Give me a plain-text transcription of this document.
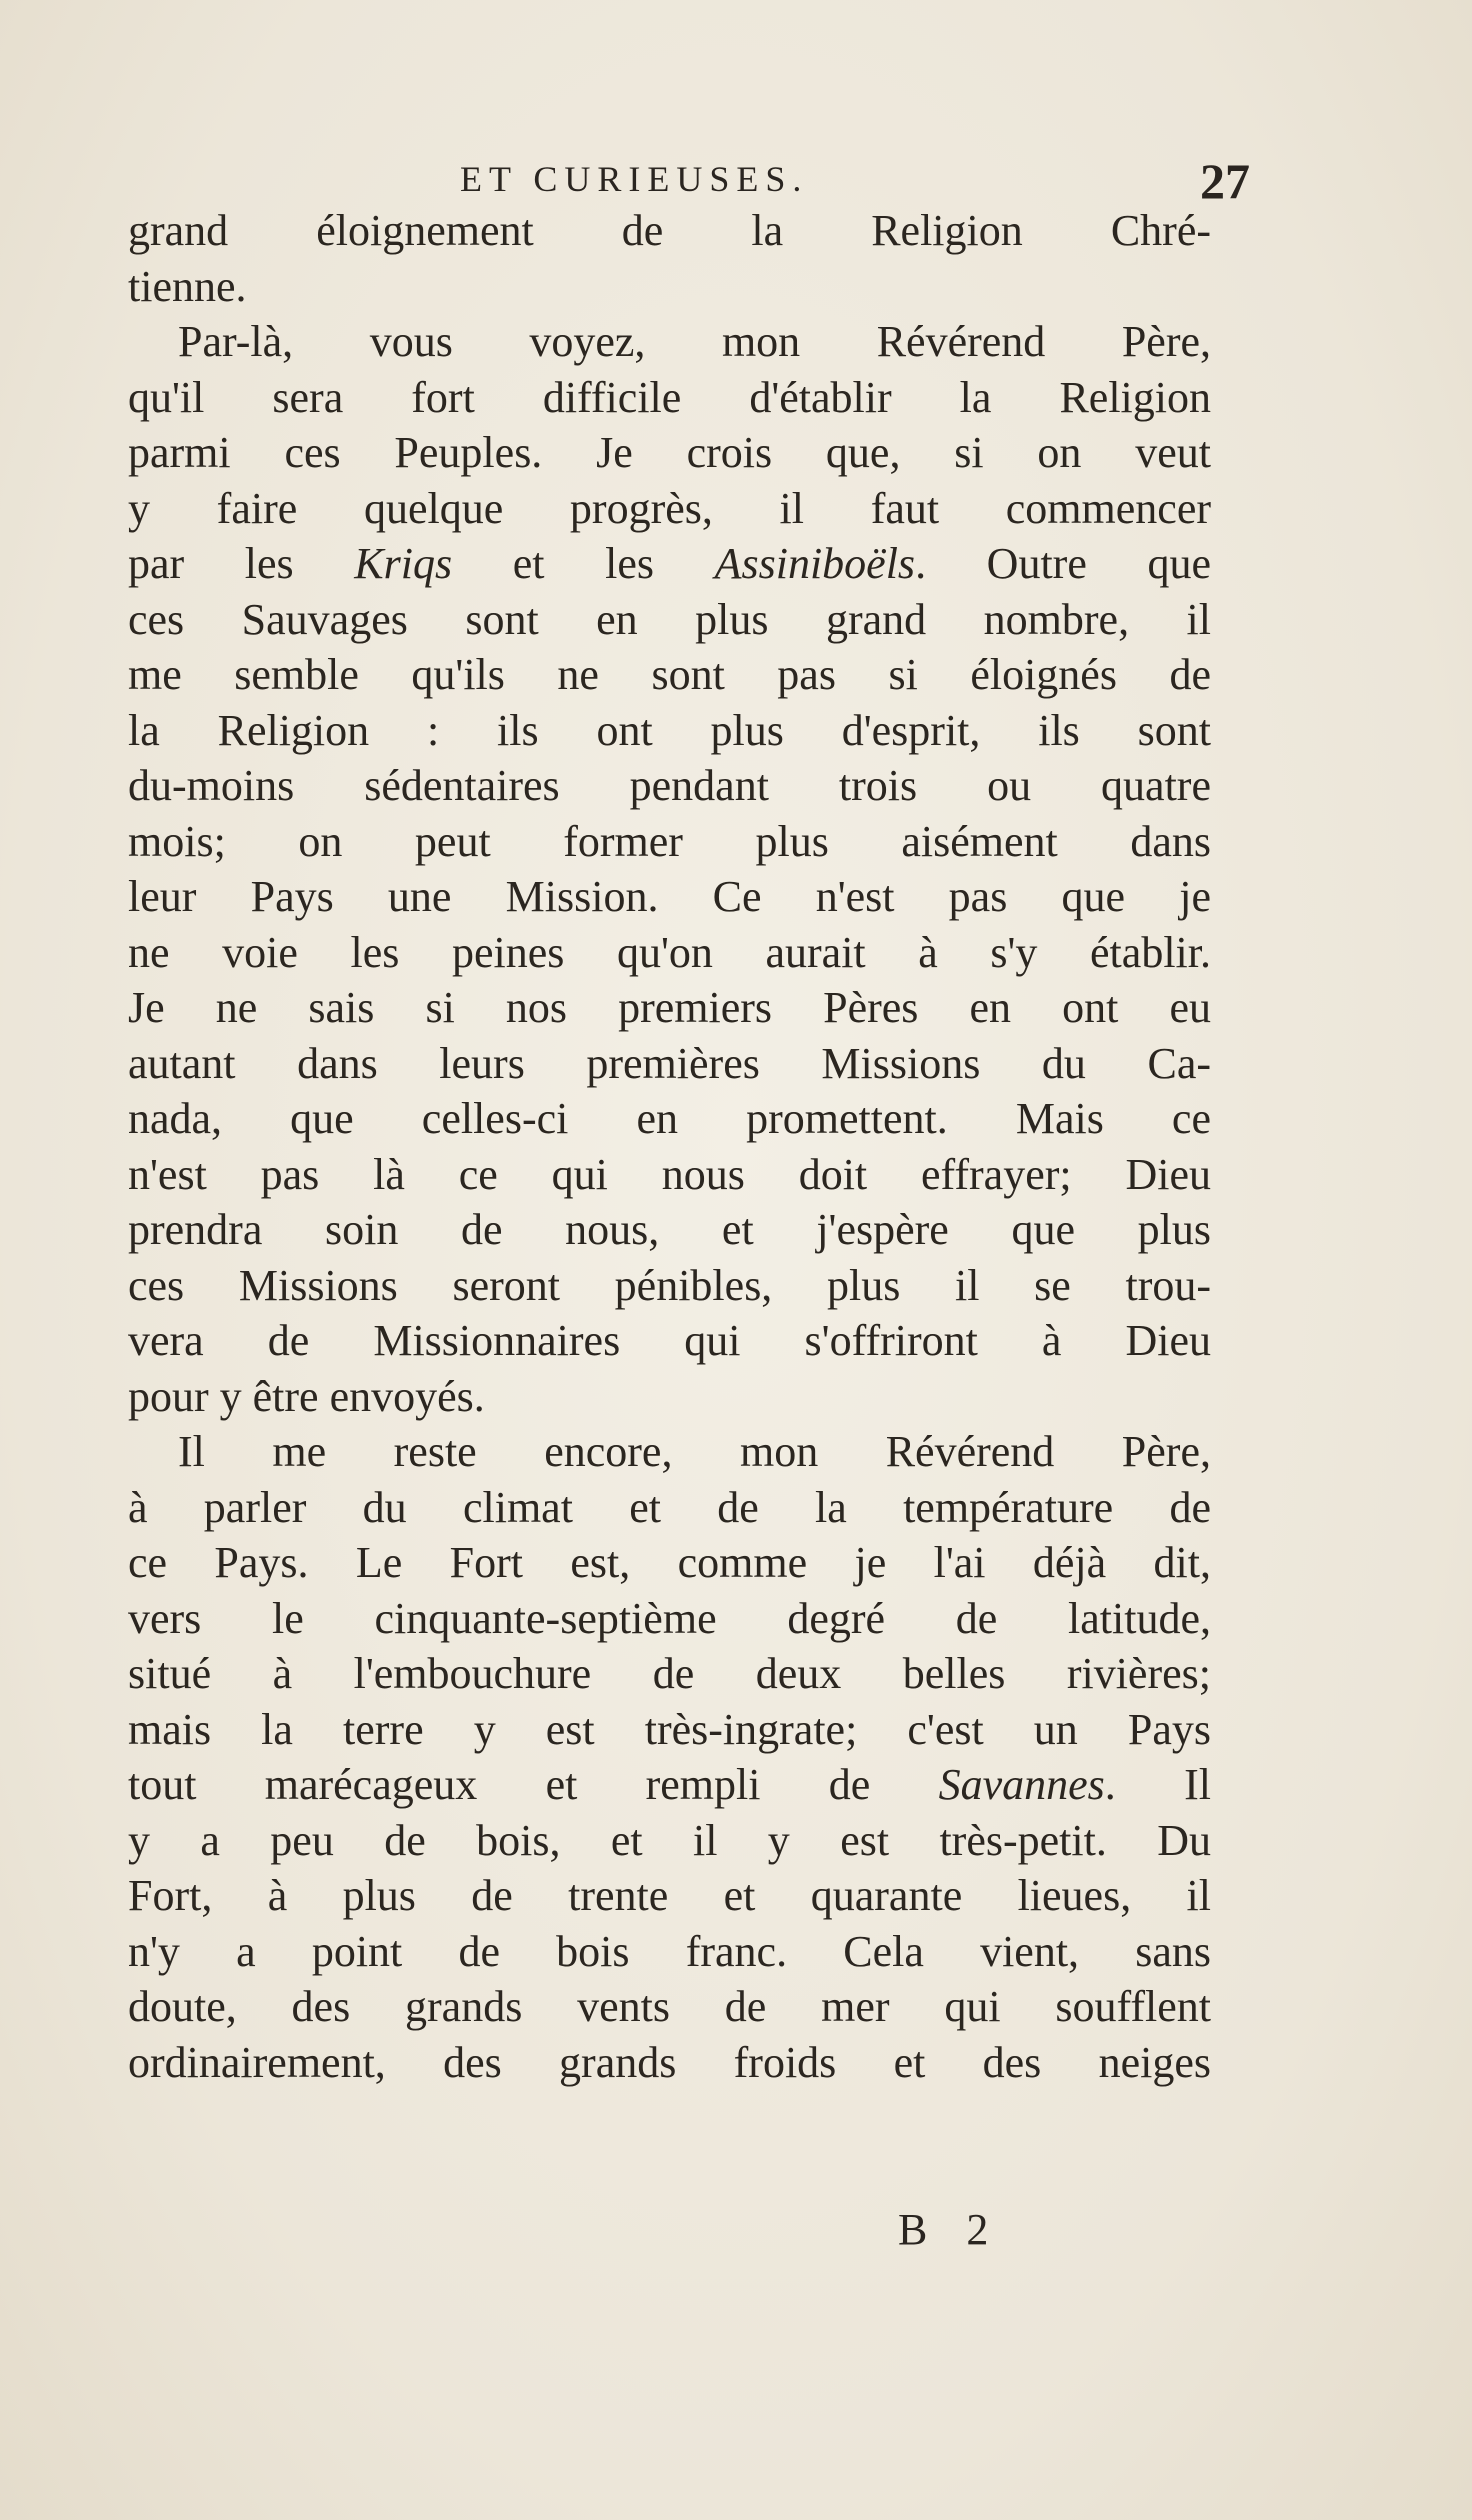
ET CURIEUSES.	27
grand éloignement de la Religion Chré-
tienne.
Par-là, vous voyez, mon Révérend Père,
qu'il sera fort difficile d'établir la Religion
parmi ces Peuples. Je crois que, si on veut
y faire quelque progrès, il faut commencer
par les Kriqs et les Assiniboëls. Outre que
ces Sauvages sont en plus grand nombre, il
me semble qu'ils ne sont pas si éloignés de
la Religion : ils ont plus d'esprit, ils sont
du-moins sédentaires pendant trois ou quatre
mois; on peut former plus aisément dans
leur Pays une Mission. Ce n'est pas que je
ne voie les peines qu'on aurait à s'y établir.
Je ne sais si nos premiers Pères en ont eu
autant dans leurs premières Missions du Ca-
nada, que celles-ci en promettent. Mais ce
n'est pas là ce qui nous doit effrayer; Dieu
prendra soin de nous, et j'espère que plus
ces Missions seront pénibles, plus il se trou-
vera de Missionnaires qui s'offriront à Dieu
pour y être envoyés.
Il me reste encore, mon Révérend Père,
à parler du climat et de la température de
ce Pays. Le Fort est, comme je l'ai déjà dit,
vers le cinquante-septième degré de latitude,
situé à l'embouchure de deux belles rivières;
mais la terre y est très-ingrate; c'est un Pays
tout marécageux et rempli de Savannes. Il
y a peu de bois, et il y est très-petit. Du
Fort, à plus de trente et quarante lieues, il
n'y a point de bois franc. Cela vient, sans
doute, des grands vents de mer qui soufflent
ordinairement, des grands froids et des neiges
B 2
